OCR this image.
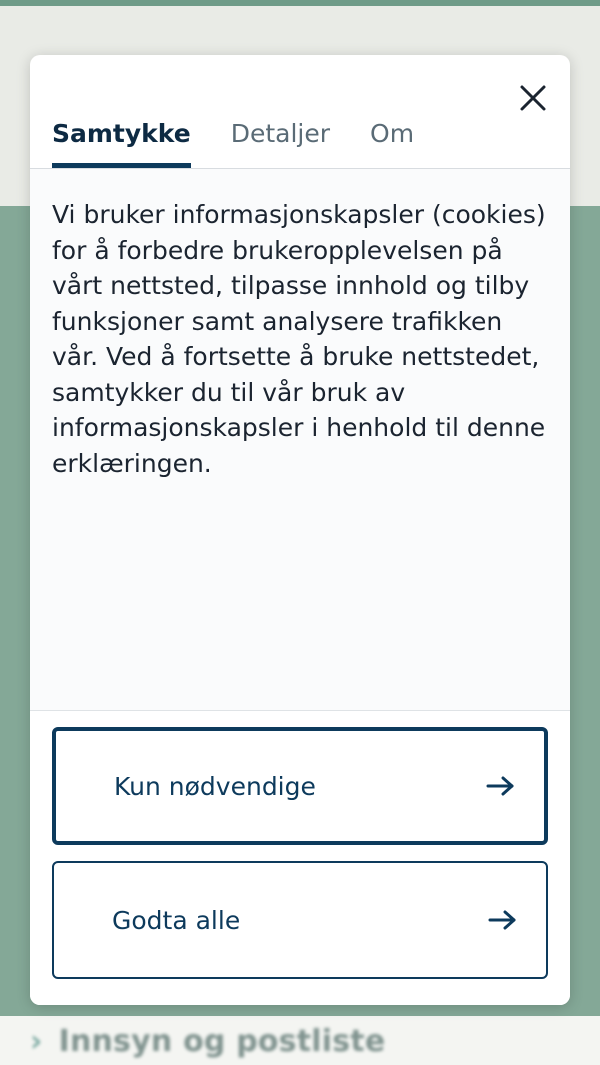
› Innsyn og postliste
Samtykke Detaljer Om

Vi bruker informasjonskapsler (cookies) for å forbedre brukeropplevelsen på vårt nettsted, tilpasse innhold og tilby funksjoner samt analysere trafikken vår. Ved å fortsette å bruke nettstedet, samtykker du til vår bruk av informasjonskapsler i henhold til denne erklæringen.

Kun nødvendige
Godta alle
